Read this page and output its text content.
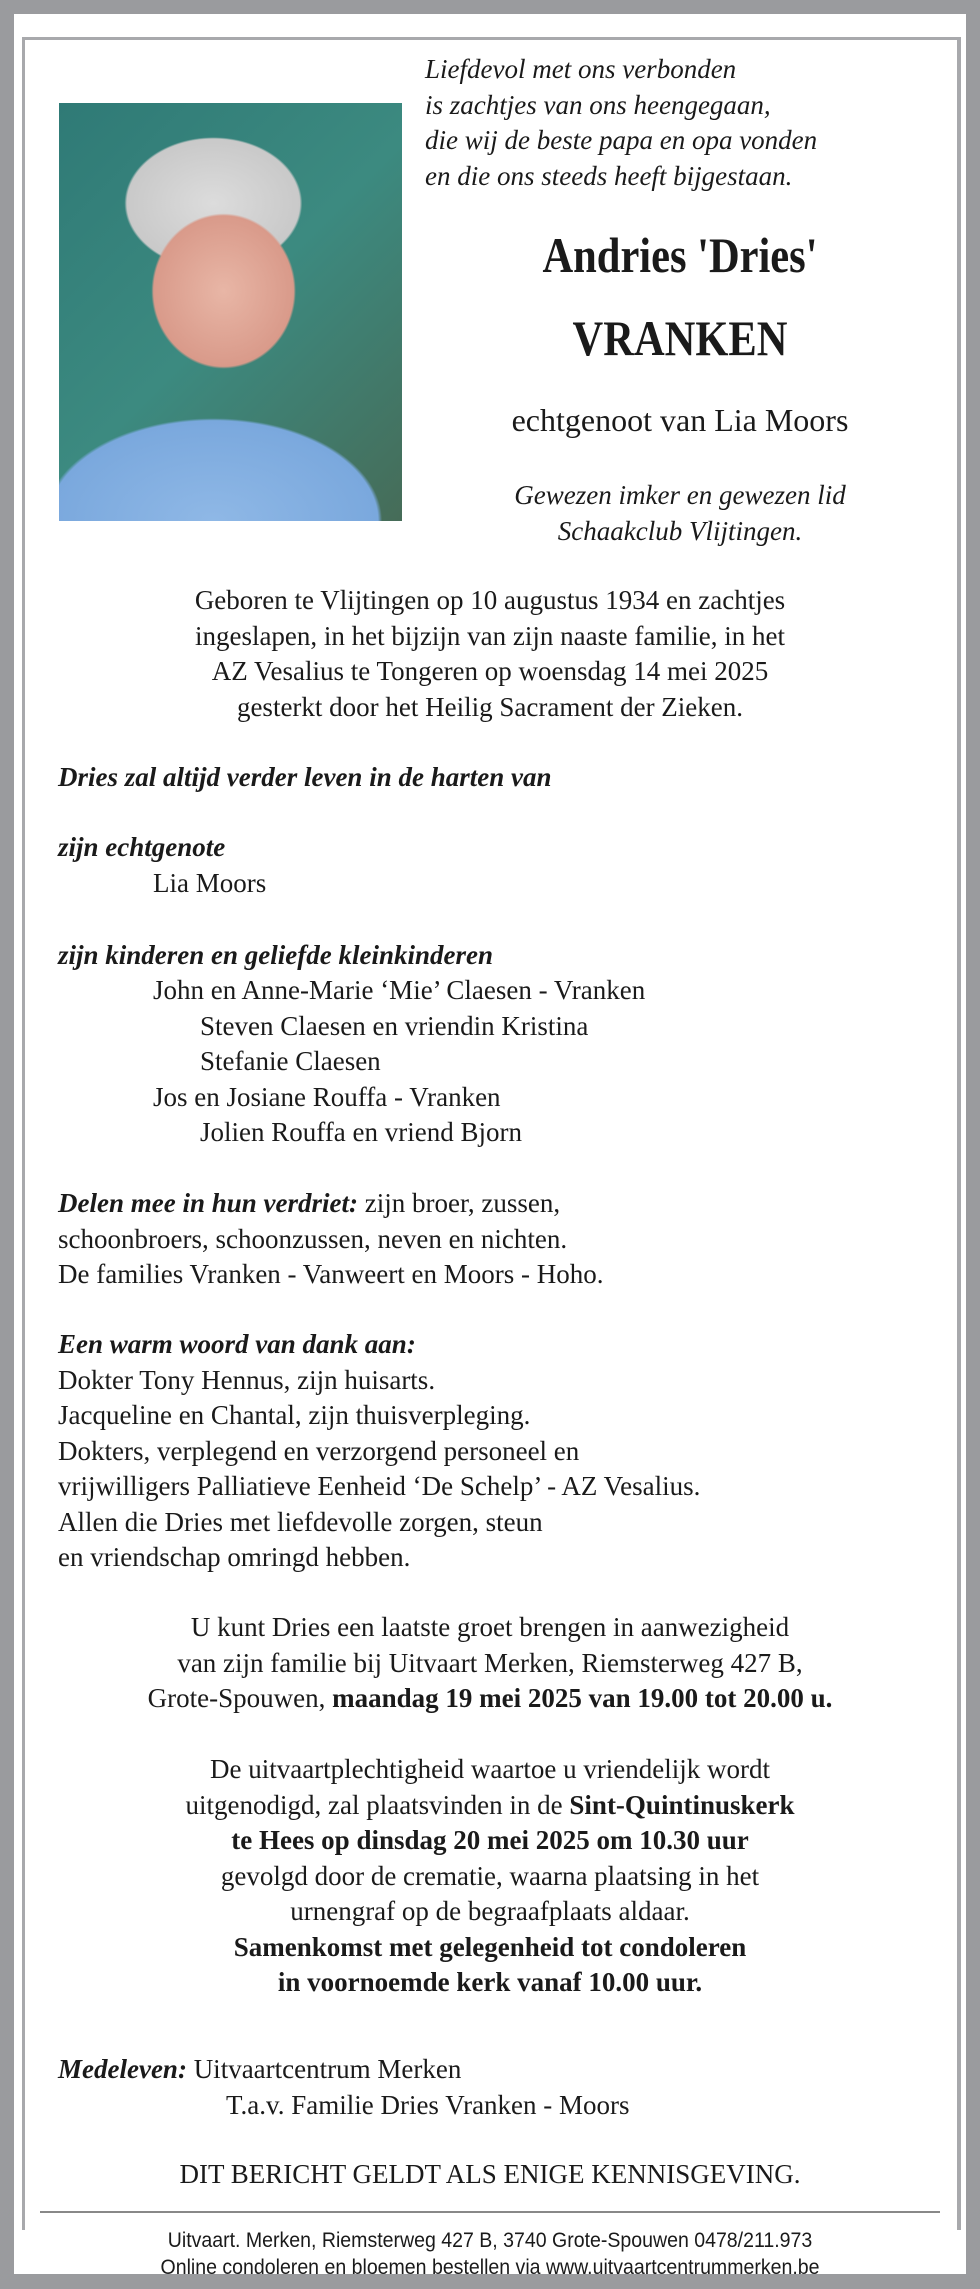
Liefdevol met ons verbonden
is zachtjes van ons heengegaan,
die wij de beste papa en opa vonden
en die ons steeds heeft bijgestaan.
Andries 'Dries'
VRANKEN
echtgenoot van Lia Moors
Gewezen imker en gewezen lid
Schaakclub Vlijtingen.
Geboren te Vlijtingen op 10 augustus 1934 en zachtjes
ingeslapen, in het bijzijn van zijn naaste familie, in het
AZ Vesalius te Tongeren op woensdag 14 mei 2025
gesterkt door het Heilig Sacrament der Zieken.
Dries zal altijd verder leven in de harten van
zijn echtgenote
Lia Moors
zijn kinderen en geliefde kleinkinderen
John en Anne-Marie ‘Mie’ Claesen - Vranken
Steven Claesen en vriendin Kristina
Stefanie Claesen
Jos en Josiane Rouffa - Vranken
Jolien Rouffa en vriend Bjorn
Delen mee in hun verdriet: zijn broer, zussen,
schoonbroers, schoonzussen, neven en nichten.
De families Vranken - Vanweert en Moors - Hoho.
Een warm woord van dank aan:
Dokter Tony Hennus, zijn huisarts.
Jacqueline en Chantal, zijn thuisverpleging.
Dokters, verplegend en verzorgend personeel en
vrijwilligers Palliatieve Eenheid ‘De Schelp’ - AZ Vesalius.
Allen die Dries met liefdevolle zorgen, steun
en vriendschap omringd hebben.
U kunt Dries een laatste groet brengen in aanwezigheid
van zijn familie bij Uitvaart Merken, Riemsterweg 427 B,
Grote-Spouwen, maandag 19 mei 2025 van 19.00 tot 20.00 u.
De uitvaartplechtigheid waartoe u vriendelijk wordt
uitgenodigd, zal plaatsvinden in de Sint-Quintinuskerk
te Hees op dinsdag 20 mei 2025 om 10.30 uur
gevolgd door de crematie, waarna plaatsing in het
urnengraf op de begraafplaats aldaar.
Samenkomst met gelegenheid tot condoleren
in voornoemde kerk vanaf 10.00 uur.
Medeleven: Uitvaartcentrum Merken
T.a.v. Familie Dries Vranken - Moors
DIT BERICHT GELDT ALS ENIGE KENNISGEVING.
Uitvaart. Merken, Riemsterweg 427 B, 3740 Grote-Spouwen 0478/211.973
Online condoleren en bloemen bestellen via www.uitvaartcentrummerken.be
